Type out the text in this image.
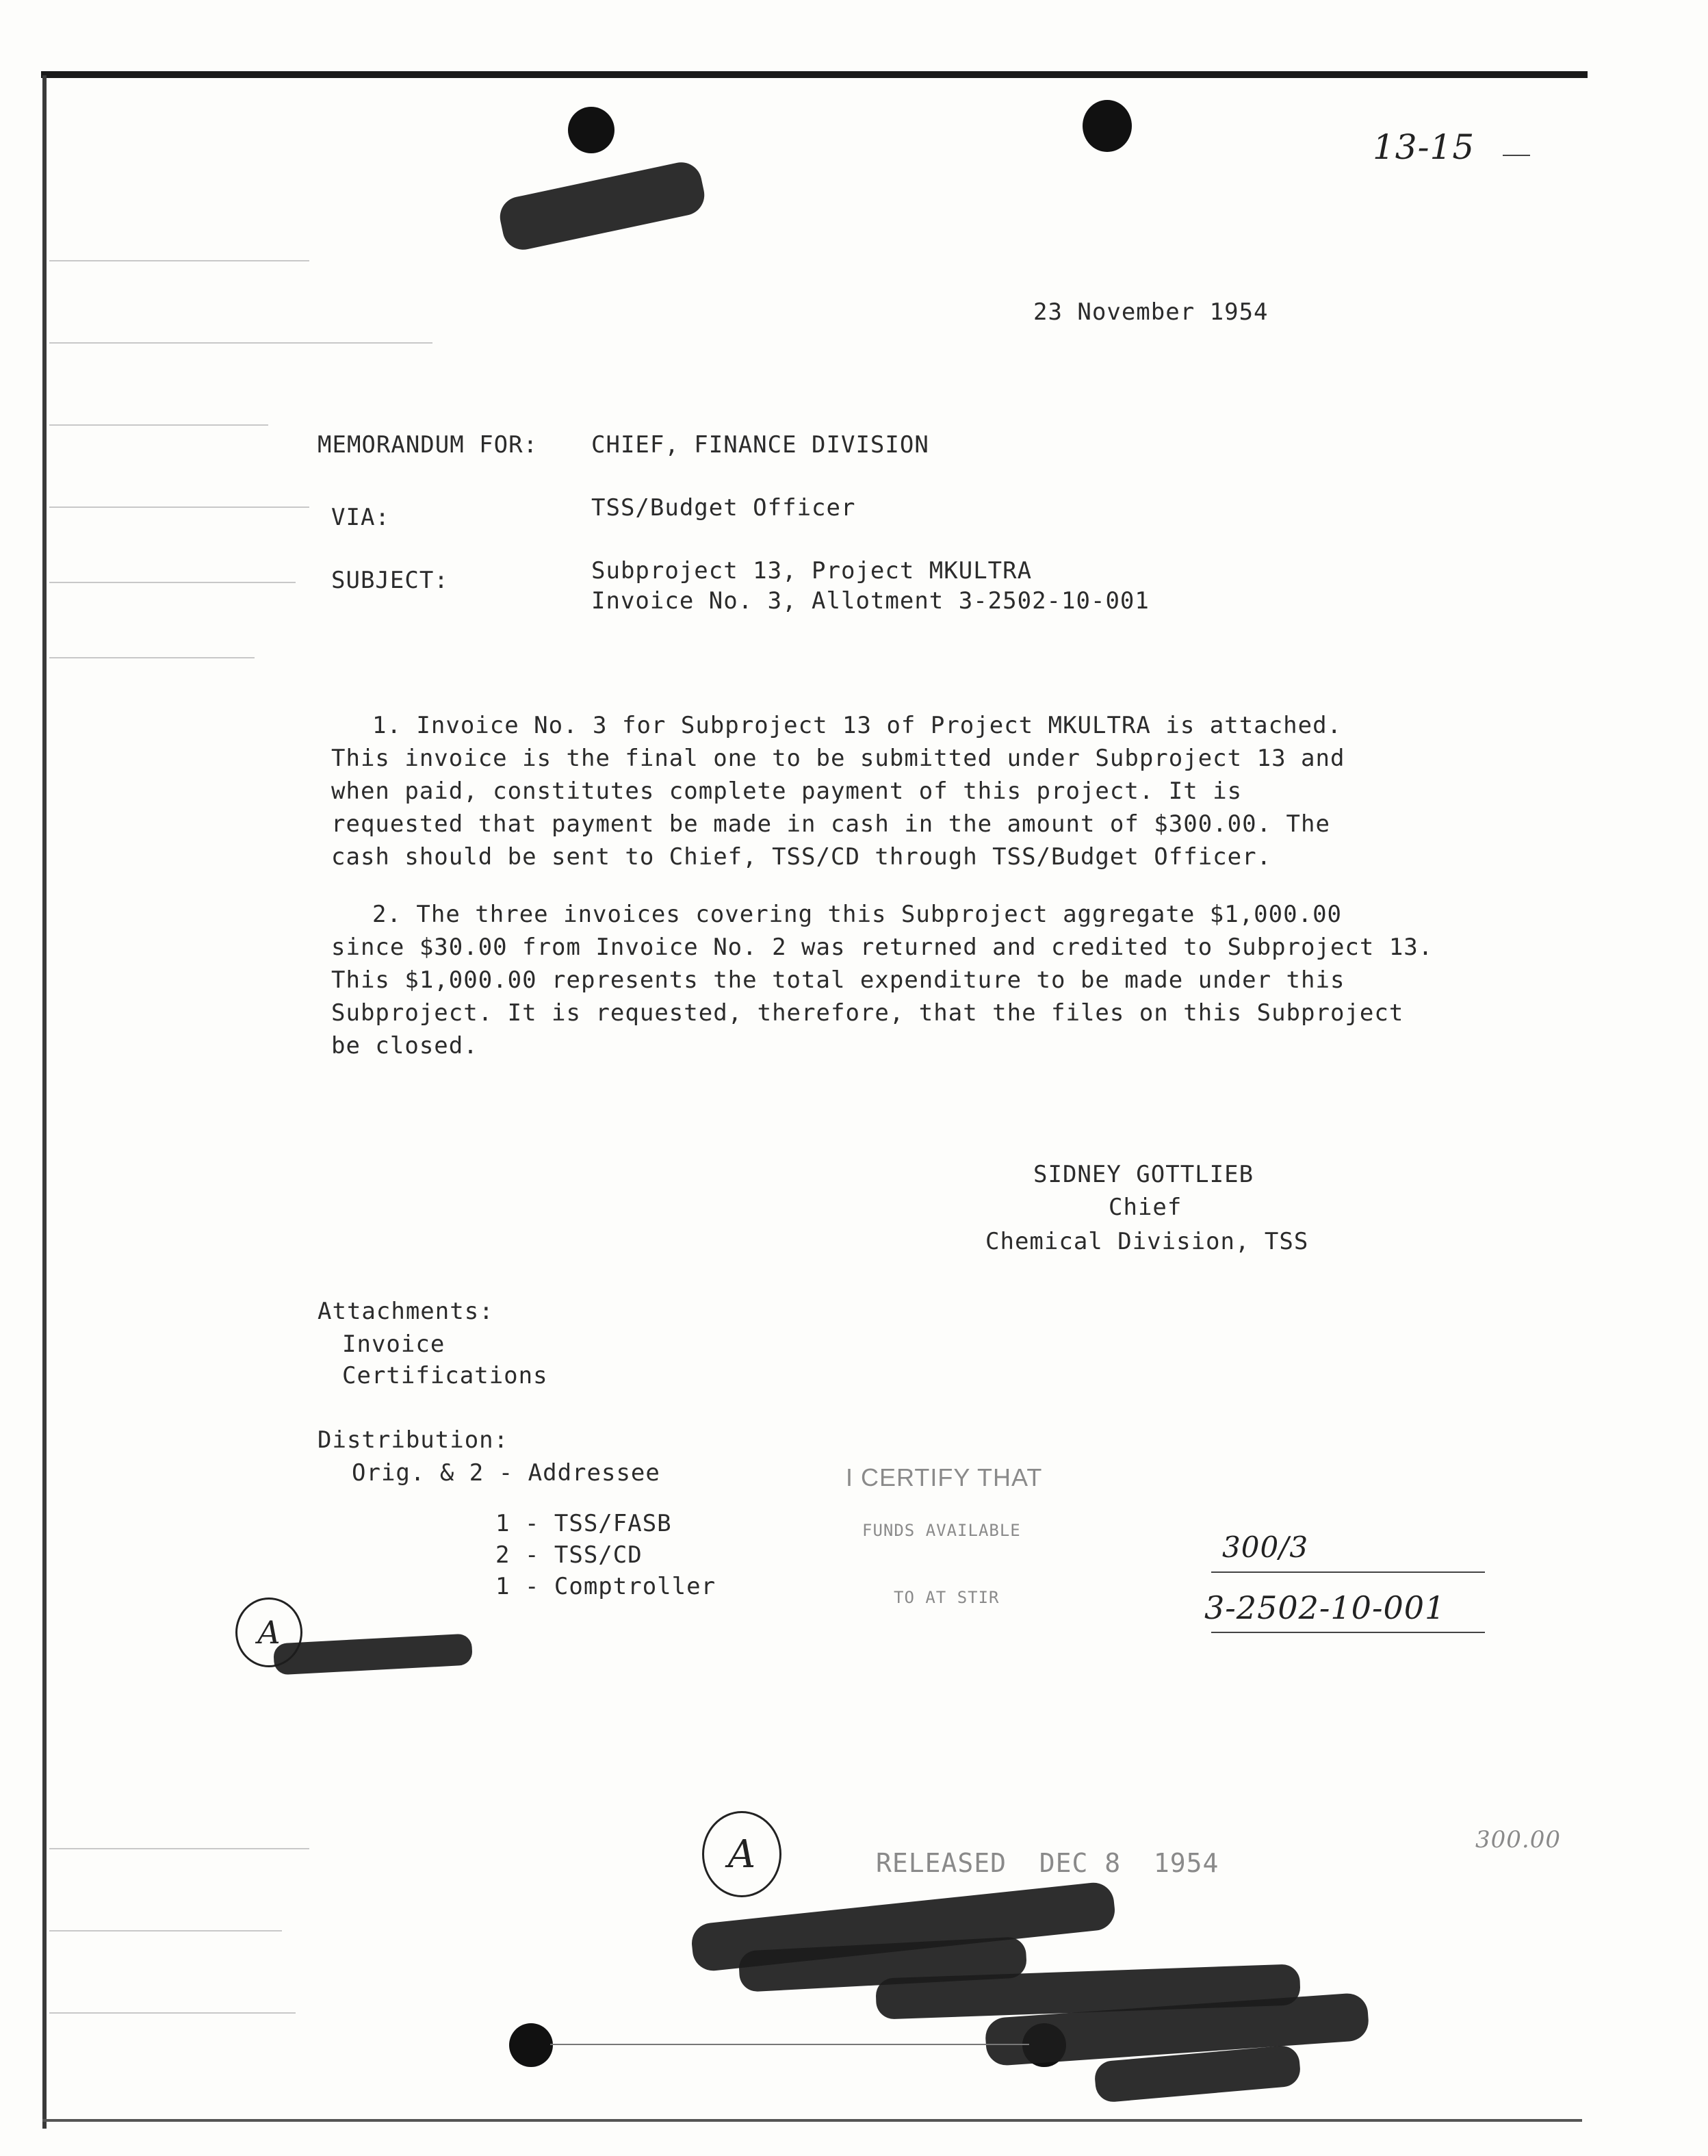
13-15
23 November 1954
MEMORANDUM FOR: CHIEF, FINANCE DIVISION
VIA:	TSS/Budget Officer
SUBJECT:	Subproject 13, Project MKULTRA
Invoice No. 3, Allotment 3-2502-10-001
1. Invoice No. 3 for Subproject 13 of Project MKULTRA is attached.
This invoice is the final one to be submitted under Subproject 13 and
when paid, constitutes complete payment of this project. It is
requested that payment be made in cash in the amount of $300.00. The
cash should be sent to Chief, TSS/CD through TSS/Budget Officer.
2. The three invoices covering this Subproject aggregate $1,000.00
since $30.00 from Invoice No. 2 was returned and credited to Subproject 13.
This $1,000.00 represents the total expenditure to be made under this
Subproject. It is requested, therefore, that the files on this Subproject
be closed.
SIDNEY GOTTLIEB
Chief
Chemical Division, TSS
Attachments:
Invoice
Certifications
Distribution:
Orig. & 2 - Addressee
1 - TSS/FASB
2 - TSS/CD
1 - Comptroller
I CERTIFY THAT
FUNDS AVAILABLE
TO AT STIR
300/3
3-2502-10-001
A
A	RELEASED  DEC 8  1954
300.00
